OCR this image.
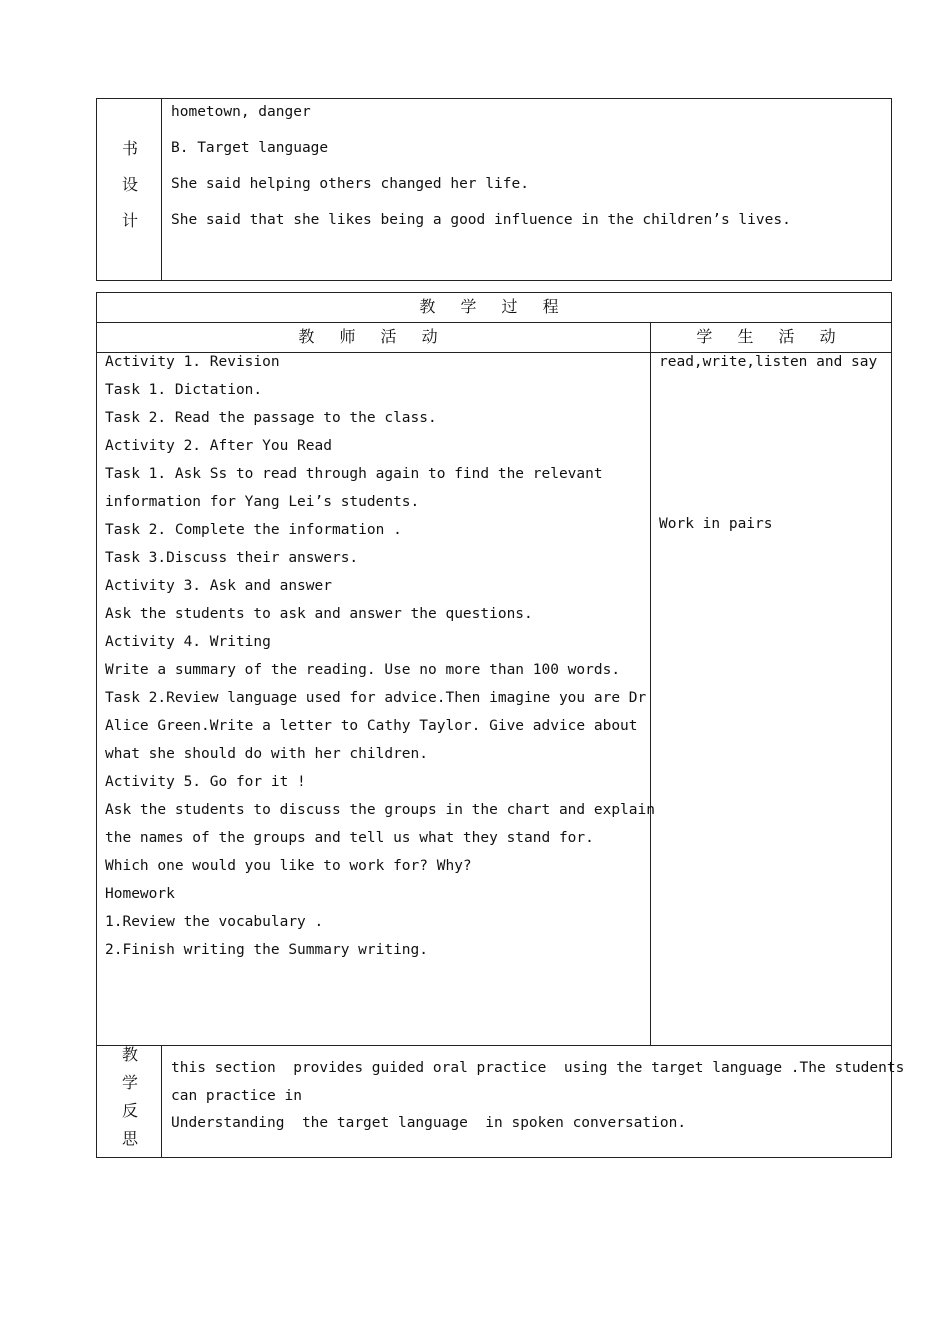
书
设
计
hometown, danger
B. Target language
She said helping others changed her life.
She said that she likes being a good influence in the children’s lives.
教 学 过 程
教 师 活 动	学 生 活 动
Activity 1. Revision
Task 1. Dictation.
Task 2. Read the passage to the class.
Activity 2. After You Read
Task 1. Ask Ss to read through again to find the relevant
information for Yang Lei’s students.
Task 2. Complete the information .
Task 3.Discuss their answers.
Activity 3. Ask and answer
Ask the students to ask and answer the questions.
Activity 4. Writing
Write a summary of the reading. Use no more than 100 words.
Task 2.Review language used for advice.Then imagine you are Dr
Alice Green.Write a letter to Cathy Taylor. Give advice about
what she should do with her children.
Activity 5. Go for it !
Ask the students to discuss the groups in the chart and explain
the names of the groups and tell us what they stand for.
Which one would you like to work for? Why?
Homework
1.Review the vocabulary .
2.Finish writing the Summary writing.
read,write,listen and say
Work in pairs
教
学
反
思
this section  provides guided oral practice  using the target language .The students
can practice in
Understanding  the target language  in spoken conversation.
